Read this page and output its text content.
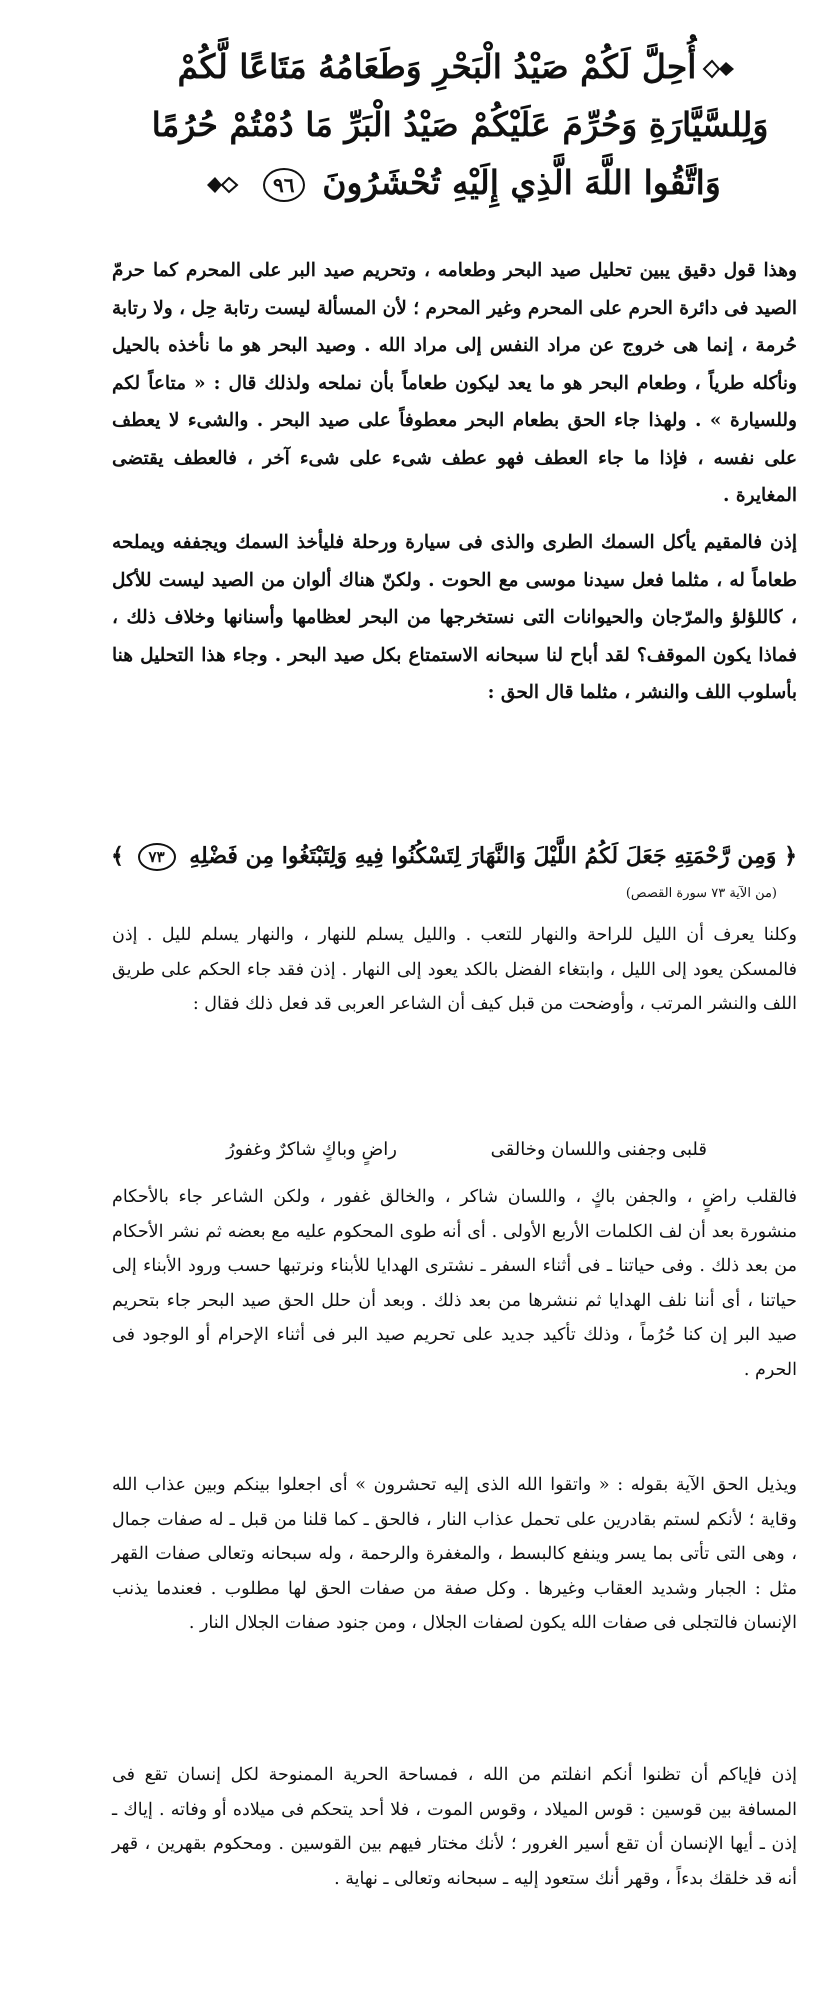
أُحِلَّ لَكُمْ صَيْدُ الْبَحْرِ وَطَعَامُهُ مَتَاعًا لَّكُمْ
وَلِلسَّيَّارَةِ وَحُرِّمَ عَلَيْكُمْ صَيْدُ الْبَرِّ مَا دُمْتُمْ حُرُمًا
وَاتَّقُوا اللَّهَ الَّذِي إِلَيْهِ تُحْشَرُونَ ٩٦
وهذا قول دقيق يبين تحليل صيد البحر وطعامه ، وتحريم صيد البر على المحرم كما حرمّ الصيد فى دائرة الحرم على المحرم وغير المحرم ؛ لأن المسألة ليست رتابة حِل ، ولا رتابة حُرمة ، إنما هى خروج عن مراد النفس إلى مراد الله . وصيد البحر هو ما نأخذه بالحيل ونأكله طرياً ، وطعام البحر هو ما يعد ليكون طعاماً بأن نملحه ولذلك قال : « متاعاً لكم وللسيارة » . ولهذا جاء الحق بطعام البحر معطوفاً على صيد البحر . والشىء لا يعطف على نفسه ، فإذا ما جاء العطف فهو عطف شىء على شىء آخر ، فالعطف يقتضى المغايرة .
إذن فالمقيم يأكل السمك الطرى والذى فى سيارة ورحلة فليأخذ السمك ويجففه ويملحه طعاماً له ، مثلما فعل سيدنا موسى مع الحوت . ولكنّ هناك ألوان من الصيد ليست للأكل ، كاللؤلؤ والمرّجان والحيوانات التى نستخرجها من البحر لعظامها وأسنانها وخلاف ذلك ، فماذا يكون الموقف؟ لقد أباح لنا سبحانه الاستمتاع بكل صيد البحر . وجاء هذا التحليل هنا بأسلوب اللف والنشر ، مثلما قال الحق :
﴿ وَمِن رَّحْمَتِهِ جَعَلَ لَكُمُ اللَّيْلَ وَالنَّهَارَ لِتَسْكُنُوا فِيهِ وَلِتَبْتَغُوا مِن فَضْلِهِ ٧٣ ﴾
(من الآية ٧٣ سورة القصص)
وكلنا يعرف أن الليل للراحة والنهار للتعب . والليل يسلم للنهار ، والنهار يسلم لليل . إذن فالمسكن يعود إلى الليل ، وابتغاء الفضل بالكد يعود إلى النهار . إذن فقد جاء الحكم على طريق اللف والنشر المرتب ، وأوضحت من قبل كيف أن الشاعر العربى قد فعل ذلك فقال :
قلبى وجفنى واللسان وخالقى
راضٍ وباكٍ شاكرٌ وغفورُ
فالقلب راضٍ ، والجفن باكٍ ، واللسان شاكر ، والخالق غفور ، ولكن الشاعر جاء بالأحكام منشورة بعد أن لف الكلمات الأربع الأولى . أى أنه طوى المحكوم عليه مع بعضه ثم نشر الأحكام من بعد ذلك . وفى حياتنا ـ فى أثناء السفر ـ نشترى الهدايا للأبناء ونرتبها حسب ورود الأبناء إلى حياتنا ، أى أننا نلف الهدايا ثم ننشرها من بعد ذلك . وبعد أن حلل الحق صيد البحر جاء بتحريم صيد البر إن كنا حُرُماً ، وذلك تأكيد جديد على تحريم صيد البر فى أثناء الإحرام أو الوجود فى الحرم .
ويذيل الحق الآية بقوله : « واتقوا الله الذى إليه تحشرون » أى اجعلوا بينكم وبين عذاب الله وقاية ؛ لأنكم لستم بقادرين على تحمل عذاب النار ، فالحق ـ كما قلنا من قبل ـ له صفات جمال ، وهى التى تأتى بما يسر وينفع كالبسط ، والمغفرة والرحمة ، وله سبحانه وتعالى صفات القهر مثل : الجبار وشديد العقاب وغيرها . وكل صفة من صفات الحق لها مطلوب . فعندما يذنب الإنسان فالتجلى فى صفات الله يكون لصفات الجلال ، ومن جنود صفات الجلال النار .
إذن فإياكم أن تظنوا أنكم انفلتم من الله ، فمساحة الحرية الممنوحة لكل إنسان تقع فى المسافة بين قوسين : قوس الميلاد ، وقوس الموت ، فلا أحد يتحكم فى ميلاده أو وفاته . إياك ـ إذن ـ أيها الإنسان أن تقع أسير الغرور ؛ لأنك مختار فيهم بين القوسين . ومحكوم بقهرين ، قهر أنه قد خلقك بدءاً ، وقهر أنك ستعود إليه ـ سبحانه وتعالى ـ نهاية .
